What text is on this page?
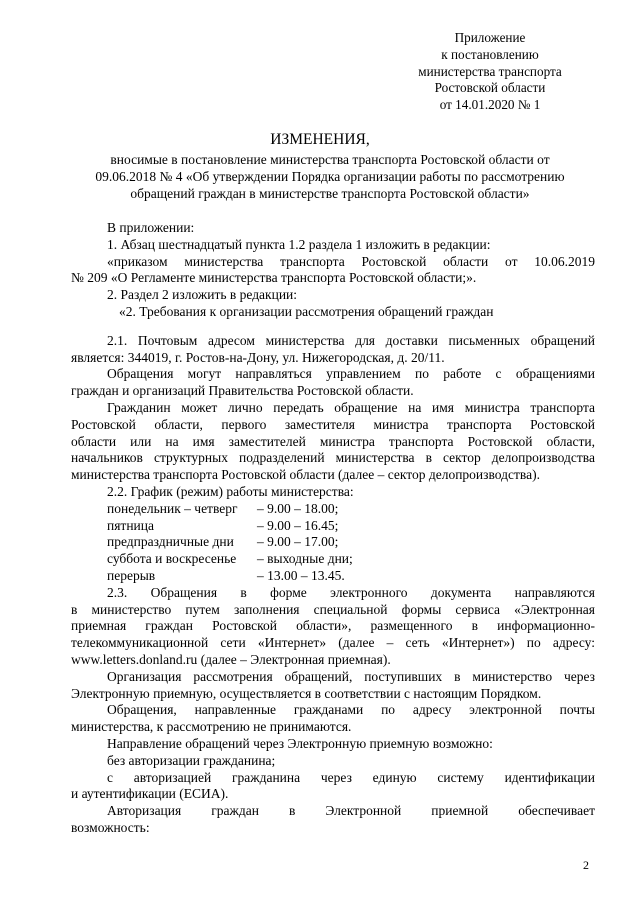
Приложение
к постановлению
министерства транспорта
Ростовской области
от 14.01.2020 № 1
ИЗМЕНЕНИЯ,
вносимые в постановление министерства транспорта Ростовской области от
09.06.2018 № 4 «Об утверждении Порядка организации работы по рассмотрению
обращений граждан в министерстве транспорта Ростовской области»
В приложении:
1. Абзац шестнадцатый пункта 1.2 раздела 1 изложить в редакции:
«приказом министерства транспорта Ростовской области от 10.06.2019
№ 209 «О Регламенте министерства транспорта Ростовской области;».
2. Раздел 2 изложить в редакции:
«2. Требования к организации рассмотрения обращений граждан
2.1. Почтовым адресом министерства для доставки письменных обращений
является: 344019, г. Ростов-на-Дону, ул. Нижегородская, д. 20/11.
Обращения могут направляться управлением по работе с обращениями
граждан и организаций Правительства Ростовской области.
Гражданин может лично передать обращение на имя министра транспорта
Ростовской области, первого заместителя министра транспорта Ростовской
области или на имя заместителей министра транспорта Ростовской области,
начальников структурных подразделений министерства в сектор делопроизводства
министерства транспорта Ростовской области (далее – сектор делопроизводства).
2.2. График (режим) работы министерства:
понедельник – четверг	– 9.00 – 18.00;
пятница	– 9.00 – 16.45;
предпраздничные дни	– 9.00 – 17.00;
суббота и воскресенье	– выходные дни;
перерыв	– 13.00 – 13.45.
2.3. Обращения в форме электронного документа направляются
в министерство путем заполнения специальной формы сервиса «Электронная
приемная граждан Ростовской области», размещенного в информационно-
телекоммуникационной сети «Интернет» (далее – сеть «Интернет») по адресу:
www.letters.donland.ru (далее – Электронная приемная).
Организация рассмотрения обращений, поступивших в министерство через
Электронную приемную, осуществляется в соответствии с настоящим Порядком.
Обращения, направленные гражданами по адресу электронной почты
министерства, к рассмотрению не принимаются.
Направление обращений через Электронную приемную возможно:
без авторизации гражданина;
с авторизацией гражданина через единую систему идентификации
и аутентификации (ЕСИА).
Авторизация граждан в Электронной приемной обеспечивает
возможность:
2
